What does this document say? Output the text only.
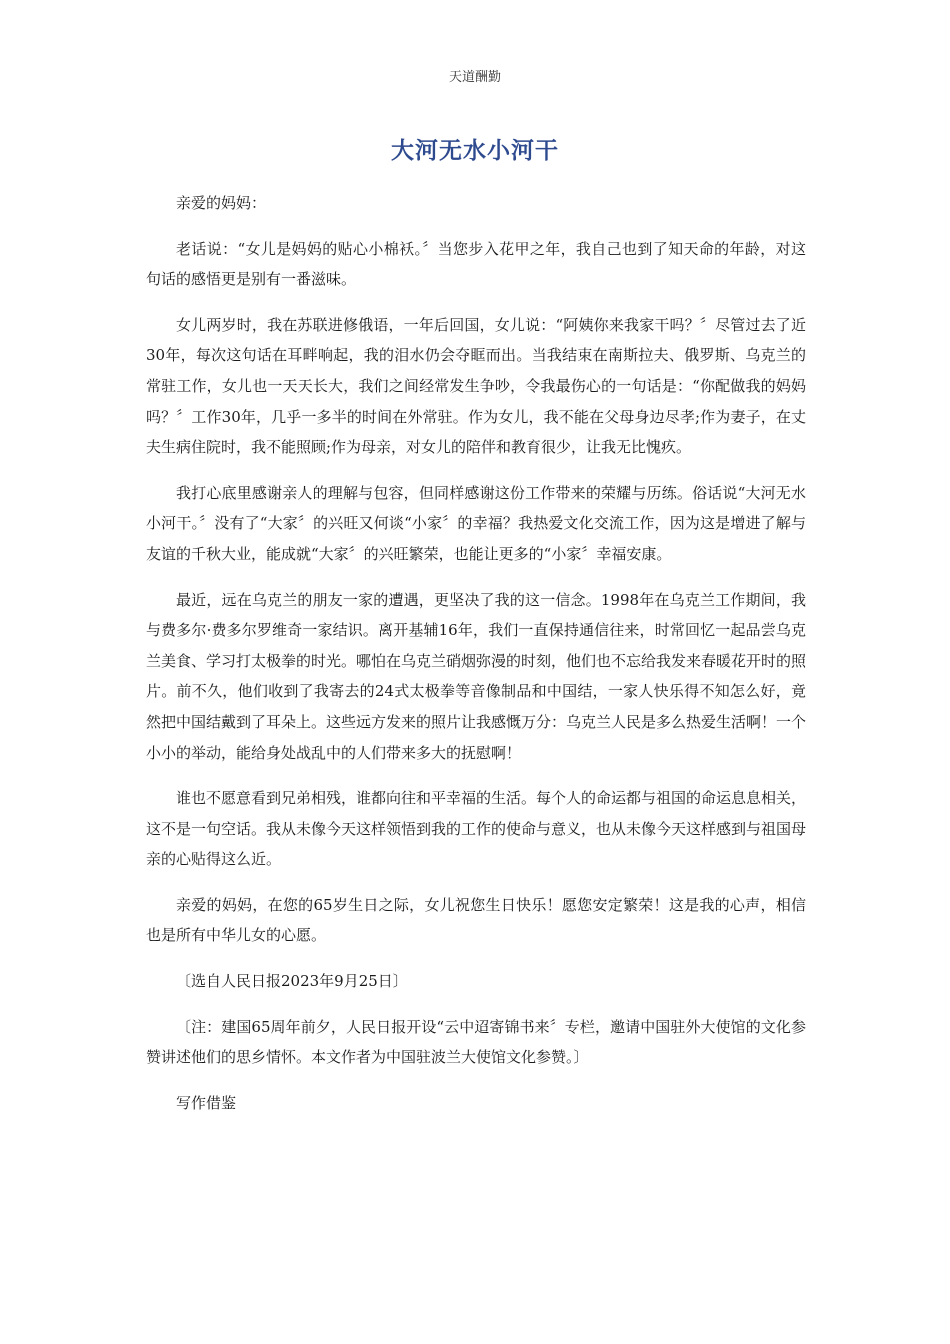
天道酬勤
大河无水小河干

亲爱的妈妈：

老话说：“女儿是妈妈的贴心小棉袄。〞当您步入花甲之年，我自己也到了知天命的年龄，对这句话的感悟更是别有一番滋味。

女儿两岁时，我在苏联进修俄语，一年后回国，女儿说：“阿姨你来我家干吗？〞尽管过去了近30年，每次这句话在耳畔响起，我的泪水仍会夺眶而出。当我结束在南斯拉夫、俄罗斯、乌克兰的常驻工作，女儿也一天天长大，我们之间经常发生争吵，令我最伤心的一句话是：“你配做我的妈妈吗？〞工作30年，几乎一多半的时间在外常驻。作为女儿，我不能在父母身边尽孝;作为妻子，在丈夫生病住院时，我不能照顾;作为母亲，对女儿的陪伴和教育很少，让我无比愧疚。

我打心底里感谢亲人的理解与包容，但同样感谢这份工作带来的荣耀与历练。俗话说“大河无水小河干。〞没有了“大家〞的兴旺又何谈“小家〞的幸福？我热爱文化交流工作，因为这是增进了解与友谊的千秋大业，能成就“大家〞的兴旺繁荣，也能让更多的“小家〞幸福安康。

最近，远在乌克兰的朋友一家的遭遇，更坚决了我的这一信念。1998年在乌克兰工作期间，我与费多尔·费多尔罗维奇一家结识。离开基辅16年，我们一直保持通信往来，时常回忆一起品尝乌克兰美食、学习打太极拳的时光。哪怕在乌克兰硝烟弥漫的时刻，他们也不忘给我发来春暖花开时的照片。前不久，他们收到了我寄去的24式太极拳等音像制品和中国结，一家人快乐得不知怎么好，竟然把中国结戴到了耳朵上。这些远方发来的照片让我感慨万分：乌克兰人民是多么热爱生活啊！一个小小的举动，能给身处战乱中的人们带来多大的抚慰啊！

谁也不愿意看到兄弟相残，谁都向往和平幸福的生活。每个人的命运都与祖国的命运息息相关，这不是一句空话。我从未像今天这样领悟到我的工作的使命与意义，也从未像今天这样感到与祖国母亲的心贴得这么近。

亲爱的妈妈，在您的65岁生日之际，女儿祝您生日快乐！愿您安定繁荣！这是我的心声，相信也是所有中华儿女的心愿。

〔选自人民日报2023年9月25日〕

〔注：建国65周年前夕，人民日报开设“云中迢寄锦书来〞专栏，邀请中国驻外大使馆的文化参赞讲述他们的思乡情怀。本文作者为中国驻波兰大使馆文化参赞。〕

写作借鉴
